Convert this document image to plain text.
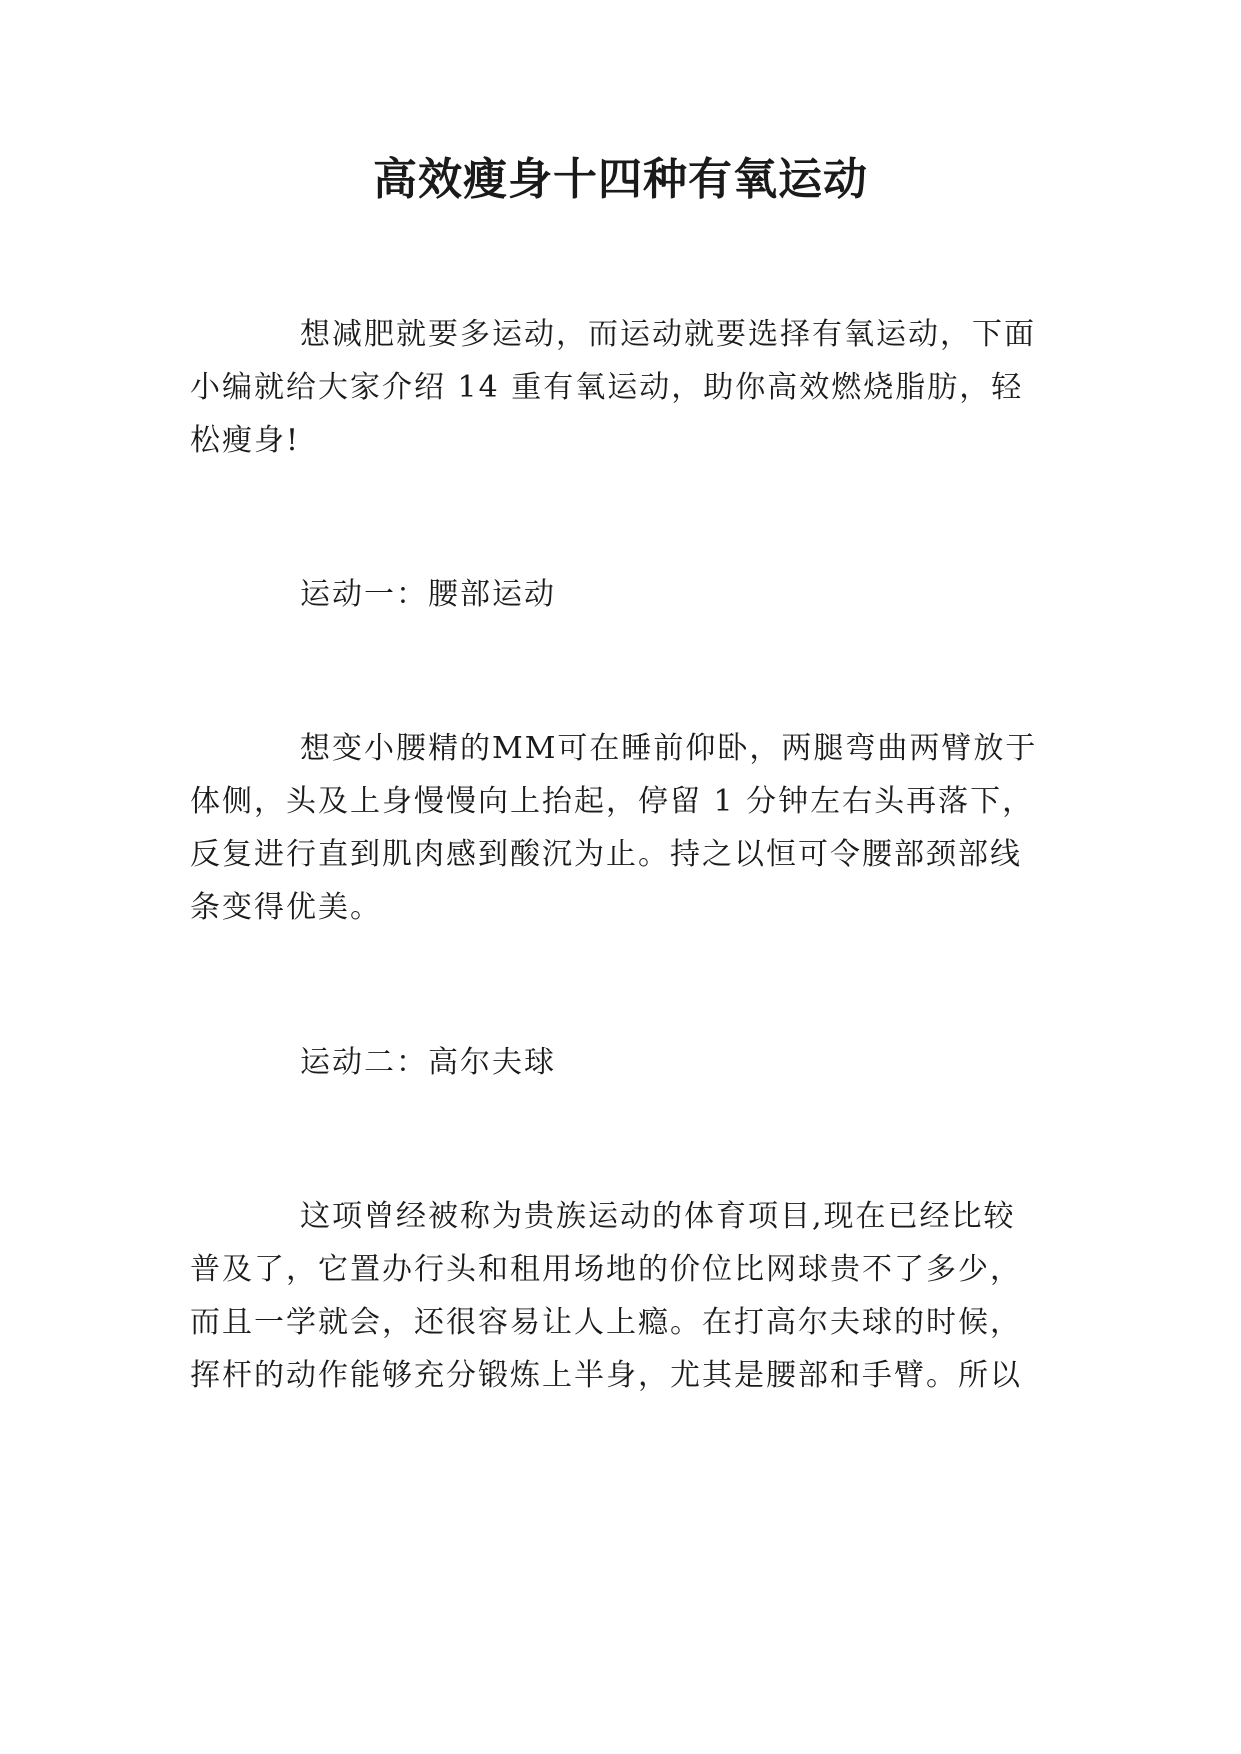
高效瘦身十四种有氧运动
想减肥就要多运动，而运动就要选择有氧运动，下面
小编就给大家介绍 14 重有氧运动，助你高效燃烧脂肪，轻
松瘦身!
运动一：腰部运动
想变小腰精的MM可在睡前仰卧，两腿弯曲两臂放于
体侧，头及上身慢慢向上抬起，停留 1 分钟左右头再落下，
反复进行直到肌肉感到酸沉为止。持之以恒可令腰部颈部线
条变得优美。
运动二：高尔夫球
这项曾经被称为贵族运动的体育项目,现在已经比较
普及了，它置办行头和租用场地的价位比网球贵不了多少，
而且一学就会，还很容易让人上瘾。在打高尔夫球的时候，
挥杆的动作能够充分锻炼上半身，尤其是腰部和手臂。所以
